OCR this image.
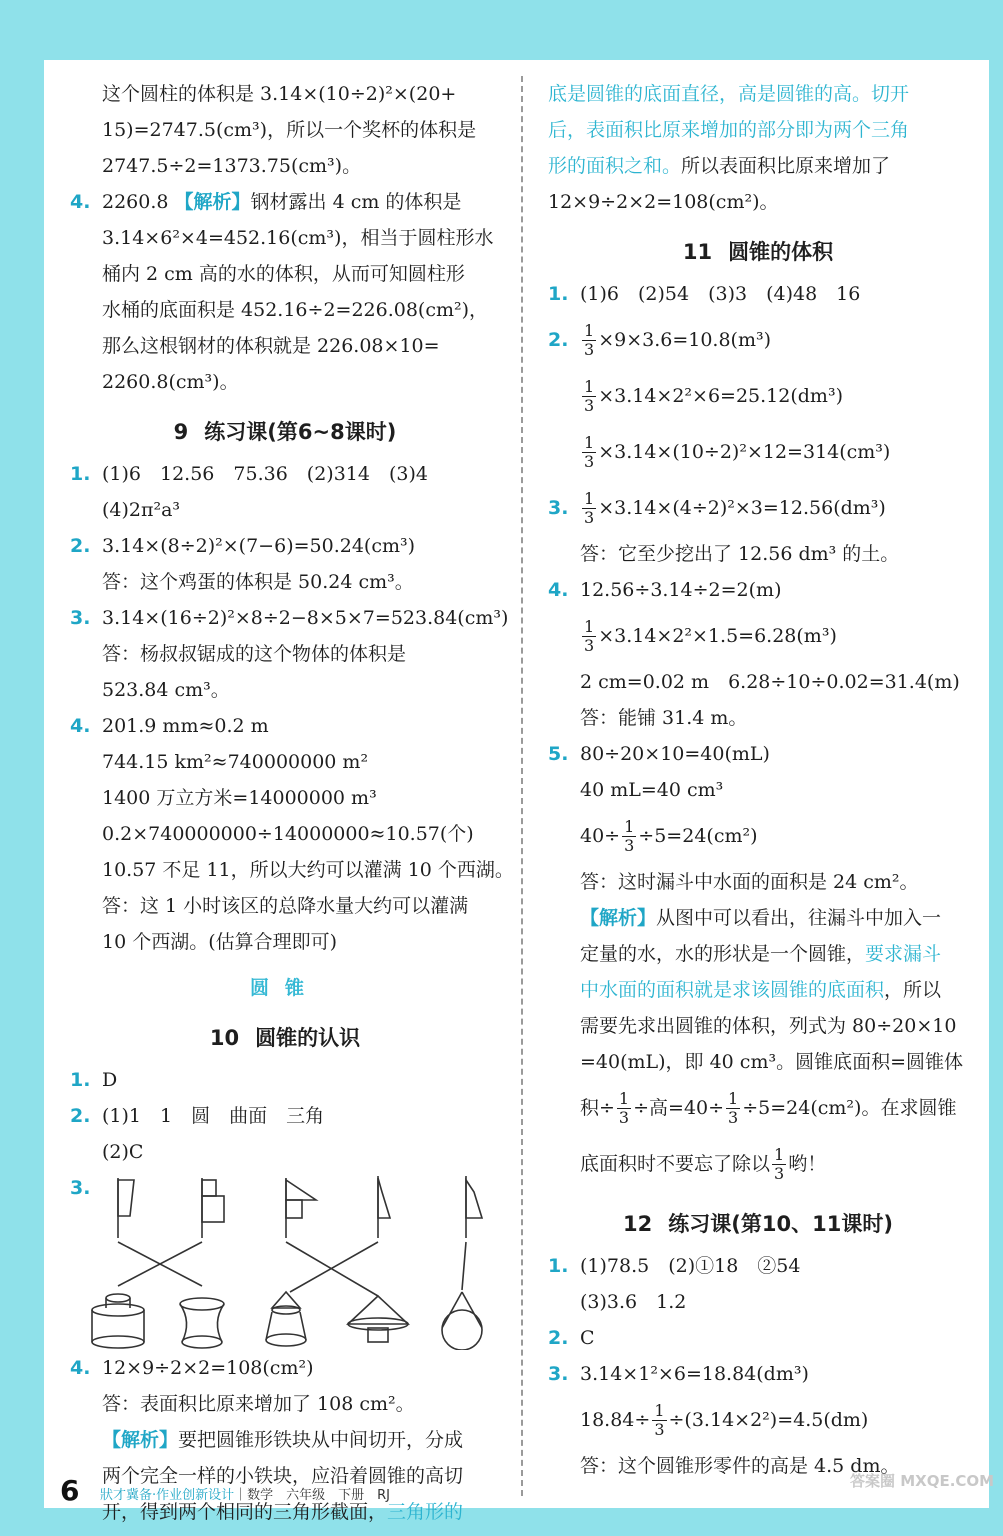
这个圆柱的体积是 3.14×(10÷2)²×(20+
15)=2747.5(cm³)，所以一个奖杯的体积是
2747.5÷2=1373.75(cm³)。
4. 2260.8 【解析】钢材露出 4 cm 的体积是
3.14×6²×4=452.16(cm³)，相当于圆柱形水
桶内 2 cm 高的水的体积，从而可知圆柱形
水桶的底面积是 452.16÷2=226.08(cm²)，
那么这根钢材的体积就是 226.08×10=
2260.8(cm³)。
9 练习课(第6~8课时)
1. (1)6　12.56　75.36　(2)314　(3)4
(4)2π²a³
2. 3.14×(8÷2)²×(7−6)=50.24(cm³)
答：这个鸡蛋的体积是 50.24 cm³。
3. 3.14×(16÷2)²×8÷2−8×5×7=523.84(cm³)
答：杨叔叔锯成的这个物体的体积是
523.84 cm³。
4. 201.9 mm≈0.2 m
744.15 km²≈740000000 m²
1400 万立方米=14000000 m³
0.2×740000000÷14000000≈10.57(个)
10.57 不足 11，所以大约可以灌满 10 个西湖。
答：这 1 小时该区的总降水量大约可以灌满
10 个西湖。(估算合理即可)
圆锥
10 圆锥的认识
1. D
2. (1)1　1　圆　曲面　三角
(2)C
3.
4. 12×9÷2×2=108(cm²)
答：表面积比原来增加了 108 cm²。
【解析】要把圆锥形铁块从中间切开，分成
两个完全一样的小铁块，应沿着圆锥的高切
开，得到两个相同的三角形截面，三角形的
底是圆锥的底面直径，高是圆锥的高。切开
后，表面积比原来增加的部分即为两个三角
形的面积之和。所以表面积比原来增加了
12×9÷2×2=108(cm²)。
11 圆锥的体积
1. (1)6　(2)54　(3)3　(4)48　16
2. $\frac{1}{3} \times 9\times 3.6=10.8(m^3)$
$\frac{1}{3} \times 3.14\times 2^2\times 6=25.12(dm^3)$
$\frac{1}{3} \times 3.14\times(10\div 2)^2\times 12=314(cm^3)$
3. $\frac{1}{3} \times 3.14\times(4\div 2)^2\times 3=12.56(dm^3)$
答：它至少挖出了 12.56 dm³ 的土。
4. 12.56÷3.14÷2=2(m)
$\frac{1}{3} \times 3.14\times 2^2\times 1.5=6.28(m^3)$
2 cm=0.02 m　6.28÷10÷0.02=31.4(m)
答：能铺 31.4 m。
5. 80÷20×10=40(mL)
40 mL=40 cm³
$40\div \frac{1}{3} \div 5=24(cm^2)$
答：这时漏斗中水面的面积是 24 cm²。
【解析】从图中可以看出，往漏斗中加入一
定量的水，水的形状是一个圆锥，要求漏斗
中水面的面积就是求该圆锥的底面积，所以
需要先求出圆锥的体积，列式为 80÷20×10
=40(mL)，即 40 cm³。圆锥底面积=圆锥体
积÷ $\frac{1}{3}$ ÷高$=40\div \frac{1}{3} \div 5=24(cm^2)$。在求圆锥
底面积时不要忘了除以 $\frac{1}{3}$ 哟！
12 练习课(第10、11课时)
1. (1)78.5　(2)①18　②54
(3)3.6　1.2
2. C
3. 3.14×1²×6=18.84(dm³)
$18.84\div \frac{1}{3} \div(3.14\times 2^2)=4.5(dm)$
答：这个圆锥形零件的高是 4.5 dm。
6 狀才冀备·作业创新设计｜数学　六年级　下册　RJ
答案圈 MXQE.COM
